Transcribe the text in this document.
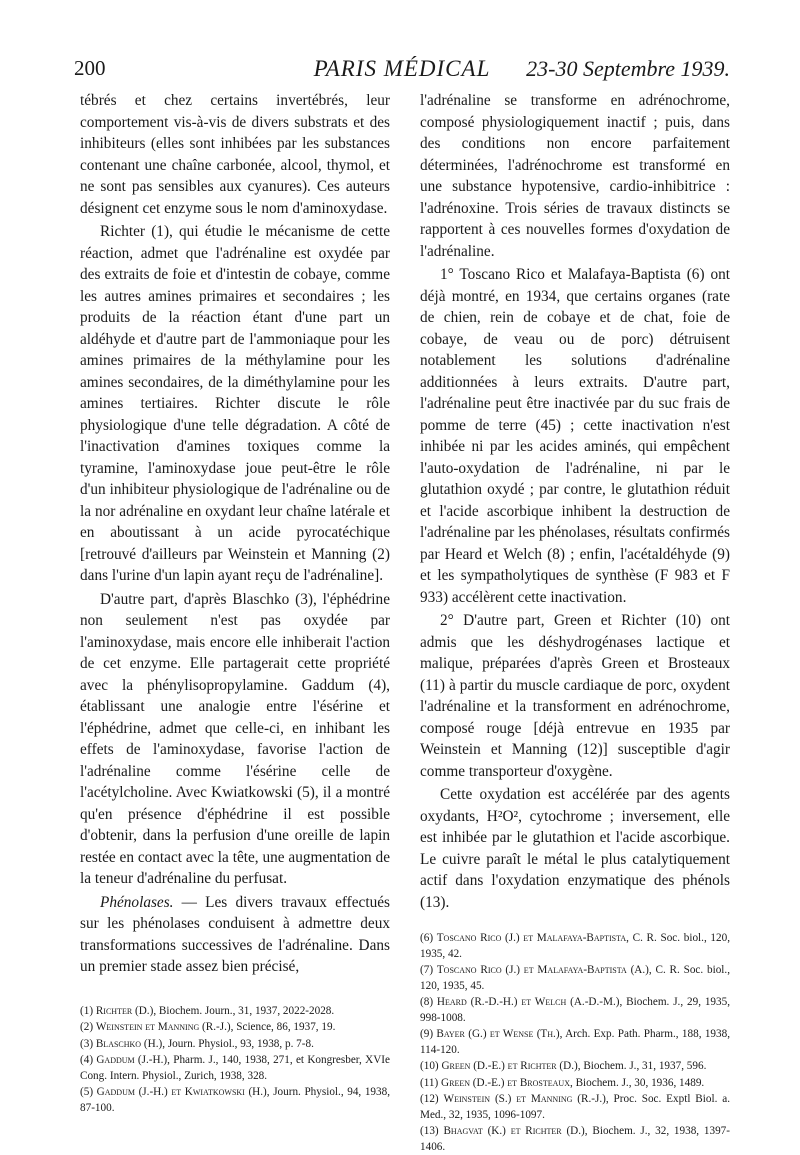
200	PARIS MÉDICAL	23-30 Septembre 1939.

tébrés et chez certains invertébrés, leur comportement vis-à-vis de divers substrats et des inhibiteurs (elles sont inhibées par les substances contenant une chaîne carbonée, alcool, thymol, et ne sont pas sensibles aux cyanures). Ces auteurs désignent cet enzyme sous le nom d'aminoxydase.

Richter (1), qui étudie le mécanisme de cette réaction, admet que l'adrénaline est oxydée par des extraits de foie et d'intestin de cobaye, comme les autres amines primaires et secondaires ; les produits de la réaction étant d'une part un aldéhyde et d'autre part de l'ammoniaque pour les amines primaires de la méthylamine pour les amines secondaires, de la diméthylamine pour les amines tertiaires. Richter discute le rôle physiologique d'une telle dégradation. A côté de l'inactivation d'amines toxiques comme la tyramine, l'aminoxydase joue peut-être le rôle d'un inhibiteur physiologique de l'adrénaline ou de la nor adrénaline en oxydant leur chaîne latérale et en aboutissant à un acide pyrocatéchique [retrouvé d'ailleurs par Weinstein et Manning (2) dans l'urine d'un lapin ayant reçu de l'adrénaline].

D'autre part, d'après Blaschko (3), l'éphédrine non seulement n'est pas oxydée par l'aminoxydase, mais encore elle inhiberait l'action de cet enzyme. Elle partagerait cette propriété avec la phénylisopropylamine. Gaddum (4), établissant une analogie entre l'ésérine et l'éphédrine, admet que celle-ci, en inhibant les effets de l'aminoxydase, favorise l'action de l'adrénaline comme l'ésérine celle de l'acétylcholine. Avec Kwiatkowski (5), il a montré qu'en présence d'éphédrine il est possible d'obtenir, dans la perfusion d'une oreille de lapin restée en contact avec la tête, une augmentation de la teneur d'adrénaline du perfusat.

Phénolases. — Les divers travaux effectués sur les phénolases conduisent à admettre deux transformations successives de l'adrénaline. Dans un premier stade assez bien précisé,

(1) Richter (D.), Biochem. Journ., 31, 1937, 2022-2028.

(2) Weinstein et Manning (R.-J.), Science, 86, 1937, 19.

(3) Blaschko (H.), Journ. Physiol., 93, 1938, p. 7-8.

(4) Gaddum (J.-H.), Pharm. J., 140, 1938, 271, et Kongresber, XVIe Cong. Intern. Physiol., Zurich, 1938, 328.

(5) Gaddum (J.-H.) et Kwiatkowski (H.), Journ. Physiol., 94, 1938, 87-100.

l'adrénaline se transforme en adrénochrome, composé physiologiquement inactif ; puis, dans des conditions non encore parfaitement déterminées, l'adrénochrome est transformé en une substance hypotensive, cardio-inhibitrice : l'adrénoxine. Trois séries de travaux distincts se rapportent à ces nouvelles formes d'oxydation de l'adrénaline.

1° Toscano Rico et Malafaya-Baptista (6) ont déjà montré, en 1934, que certains organes (rate de chien, rein de cobaye et de chat, foie de cobaye, de veau ou de porc) détruisent notablement les solutions d'adrénaline additionnées à leurs extraits. D'autre part, l'adrénaline peut être inactivée par du suc frais de pomme de terre (45) ; cette inactivation n'est inhibée ni par les acides aminés, qui empêchent l'auto-oxydation de l'adrénaline, ni par le glutathion oxydé ; par contre, le glutathion réduit et l'acide ascorbique inhibent la destruction de l'adrénaline par les phénolases, résultats confirmés par Heard et Welch (8) ; enfin, l'acétaldéhyde (9) et les sympatholytiques de synthèse (F 983 et F 933) accélèrent cette inactivation.

2° D'autre part, Green et Richter (10) ont admis que les déshydrogénases lactique et malique, préparées d'après Green et Brosteaux (11) à partir du muscle cardiaque de porc, oxydent l'adrénaline et la transforment en adrénochrome, composé rouge [déjà entrevue en 1935 par Weinstein et Manning (12)] susceptible d'agir comme transporteur d'oxygène.

Cette oxydation est accélérée par des agents oxydants, H²O², cytochrome ; inversement, elle est inhibée par le glutathion et l'acide ascorbique. Le cuivre paraît le métal le plus catalytiquement actif dans l'oxydation enzymatique des phénols (13).

(6) Toscano Rico (J.) et Malafaya-Baptista, C. R. Soc. biol., 120, 1935, 42.

(7) Toscano Rico (J.) et Malafaya-Baptista (A.), C. R. Soc. biol., 120, 1935, 45.

(8) Heard (R.-D.-H.) et Welch (A.-D.-M.), Biochem. J., 29, 1935, 998-1008.

(9) Bayer (G.) et Wense (Th.), Arch. Exp. Path. Pharm., 188, 1938, 114-120.

(10) Green (D.-E.) et Richter (D.), Biochem. J., 31, 1937, 596.

(11) Green (D.-E.) et Brosteaux, Biochem. J., 30, 1936, 1489.

(12) Weinstein (S.) et Manning (R.-J.), Proc. Soc. Exptl Biol. a. Med., 32, 1935, 1096-1097.

(13) Bhagvat (K.) et Richter (D.), Biochem. J., 32, 1938, 1397-1406.
